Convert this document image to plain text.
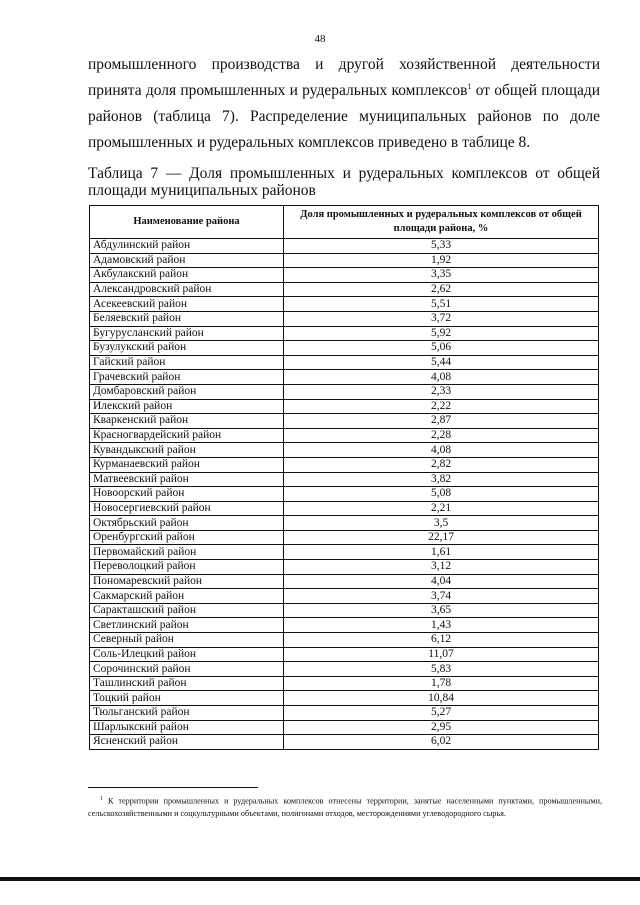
48

промышленного производства и другой хозяйственной деятельности принята доля промышленных и рудеральных комплексов$^1$ от общей площади районов (таблица 7). Распределение муниципальных районов по доле промышленных и рудеральных комплексов приведено в таблице 8.

Таблица 7 — Доля промышленных и рудеральных комплексов от общей площади муниципальных районов

Наименование района	Доля промышленных и рудеральных комплексов от общей площади района, %
Абдулинский район	5,33
Адамовский район	1,92
Акбулакский район	3,35
Александровский район	2,62
Асекеевский район	5,51
Беляевский район	3,72
Бугурусланский район	5,92
Бузулукский район	5,06
Гайский район	5,44
Грачевский район	4,08
Домбаровский район	2,33
Илекский район	2,22
Кваркенский район	2,87
Красногвардейский район	2,28
Кувандыкский район	4,08
Курманаевский район	2,82
Матвеевский район	3,82
Новоорский район	5,08
Новосергиевский район	2,21
Октябрьский район	3,5
Оренбургский район	22,17
Первомайский район	1,61
Переволоцкий район	3,12
Пономаревский район	4,04
Сакмарский район	3,74
Саракташский район	3,65
Светлинский район	1,43
Северный район	6,12
Соль-Илецкий район	11,07
Сорочинский район	5,83
Ташлинский район	1,78
Тоцкий район	10,84
Тюльганский район	5,27
Шарлыкский район	2,95
Ясненский район	6,02

$^1$ К территории промышленных и рудеральных комплексов отнесены территории, занятые населенными пунктами, промышленными, сельскохозяйственными и соцкультурными объектами, полигонами отходов, месторождениями углеводородного сырья.
